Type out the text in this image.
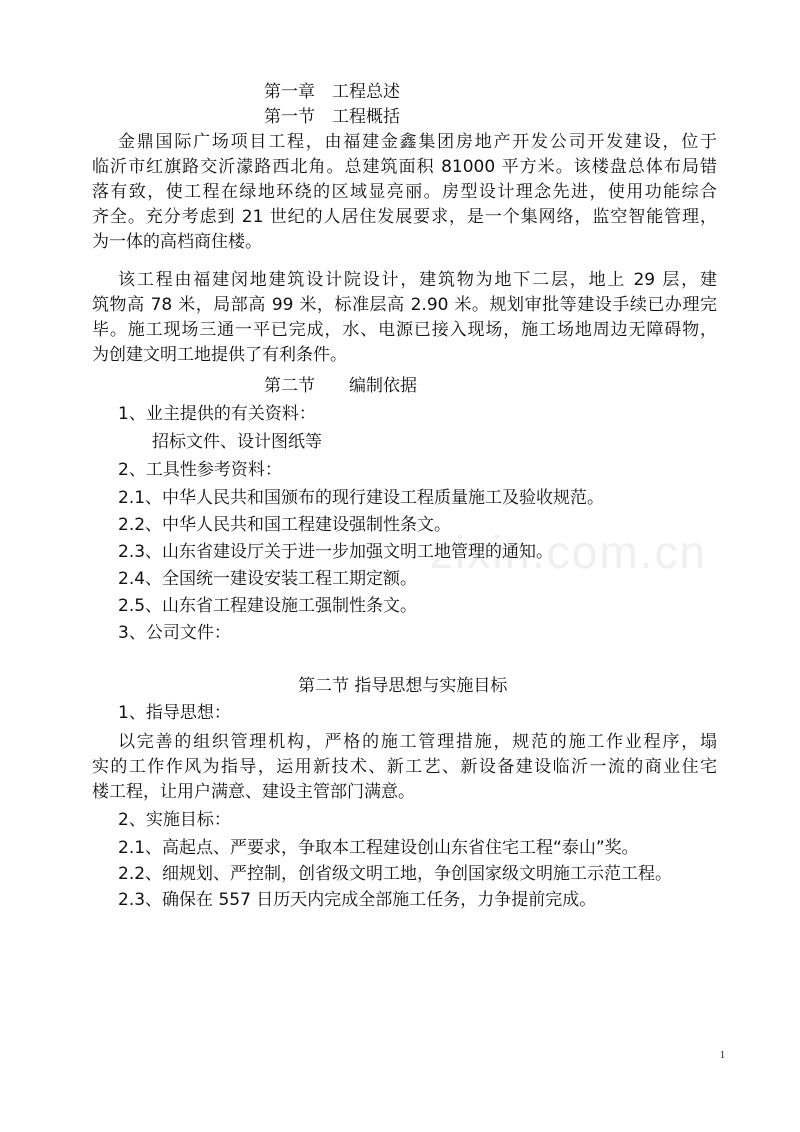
zixin.com.cn
第一章　工程总述
第一节　工程概括
金鼎国际广场项目工程，由福建金鑫集团房地产开发公司开发建设，位于
临沂市红旗路交沂濛路西北角。总建筑面积 81000 平方米。该楼盘总体布局错
落有致，使工程在绿地环绕的区域显亮丽。房型设计理念先进，使用功能综合
齐全。充分考虑到 21 世纪的人居住发展要求，是一个集网络，监空智能管理，
为一体的高档商住楼。
该工程由福建闵地建筑设计院设计，建筑物为地下二层，地上 29 层，建
筑物高 78 米，局部高 99 米，标准层高 2.90 米。规划审批等建设手续已办理完
毕。施工现场三通一平已完成，水、电源已接入现场，施工场地周边无障碍物，
为创建文明工地提供了有利条件。
第二节　　编制依据
1、业主提供的有关资料：
招标文件、设计图纸等
2、工具性参考资料：
2.1、中华人民共和国颁布的现行建设工程质量施工及验收规范。
2.2、中华人民共和国工程建设强制性条文。
2.3、山东省建设厅关于进一步加强文明工地管理的通知。
2.4、全国统一建设安装工程工期定额。
2.5、山东省工程建设施工强制性条文。
3、公司文件：
第二节 指导思想与实施目标
1、指导思想：
以完善的组织管理机构，严格的施工管理措施，规范的施工作业程序，塌
实的工作作风为指导，运用新技术、新工艺、新设备建设临沂一流的商业住宅
楼工程，让用户满意、建设主管部门满意。
2、实施目标：
2.1、高起点、严要求，争取本工程建设创山东省住宅工程“泰山”奖。
2.2、细规划、严控制，创省级文明工地，争创国家级文明施工示范工程。
2.3、确保在 557 日历天内完成全部施工任务，力争提前完成。
1
